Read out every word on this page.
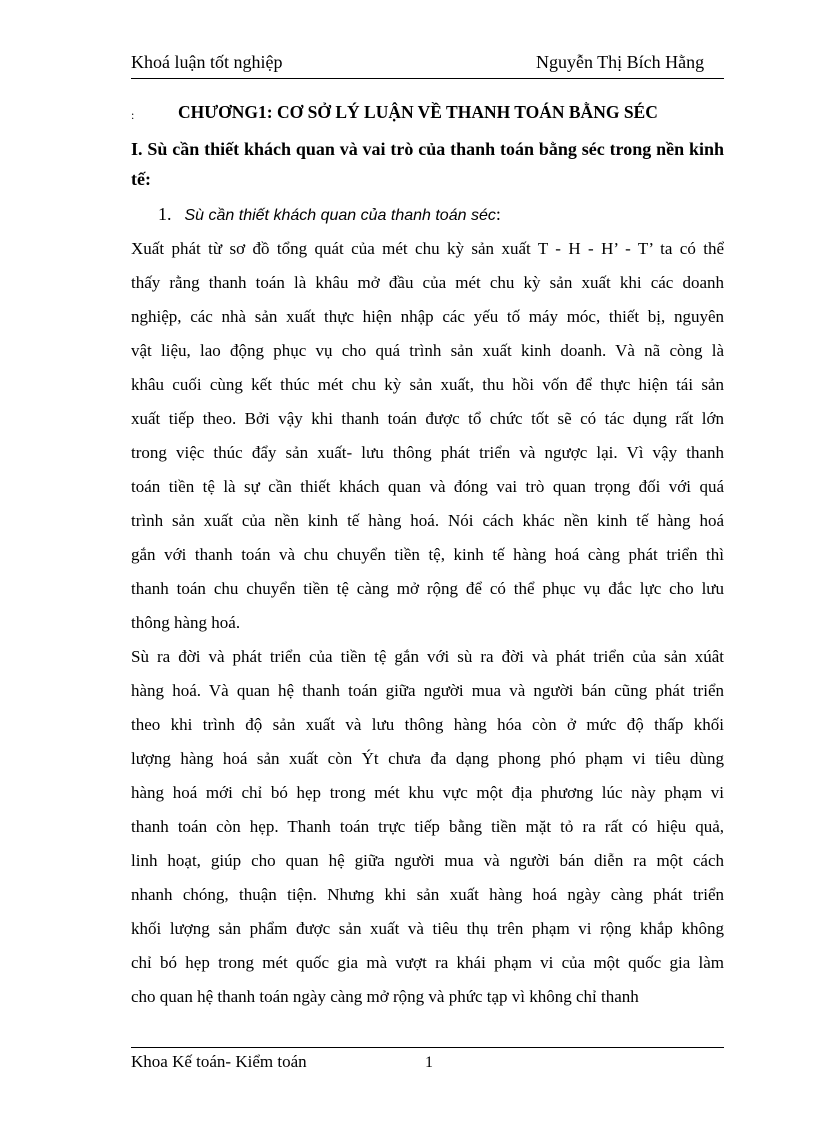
Khoá luận tốt nghiệp	Nguyễn Thị Bích Hằng
: CHƯƠNG1: CƠ SỞ LÝ LUẬN VỀ THANH TOÁN BẰNG SÉC
I. Sù cần thiết khách quan và vai trò của thanh toán bằng séc trong nền kinh tế:
1. Sù cần thiết khách quan của thanh toán séc:
Xuất phát từ sơ đồ tổng quát của mét chu kỳ sản xuất T - H - H’ - T’ ta có thể
thấy rằng thanh toán là khâu mở đầu của mét chu kỳ sản xuất khi các doanh
nghiệp, các nhà sản xuất thực hiện nhập các yếu tố máy móc, thiết bị, nguyên
vật liệu, lao động phục vụ cho quá trình sản xuất kinh doanh. Và nã còng là
khâu cuối cùng kết thúc mét chu kỳ sản xuất, thu hồi vốn để thực hiện tái sản
xuất tiếp theo. Bởi vậy khi thanh toán được tổ chức tốt sẽ có tác dụng rất lớn
trong việc thúc đẩy sản xuất- lưu thông phát triển và ngược lại. Vì vậy thanh
toán tiền tệ là sự cần thiết khách quan và đóng vai trò quan trọng đối với quá
trình sản xuất của nền kinh tế hàng hoá. Nói cách khác nền kinh tế hàng hoá
gắn với thanh toán và chu chuyển tiền tệ, kinh tế hàng hoá càng phát triển thì
thanh toán chu chuyển tiền tệ càng mở rộng để có thể phục vụ đắc lực cho lưu
thông hàng hoá.
Sù ra đời và phát triển của tiền tệ gắn với sù ra đời và phát triển của sản xúât
hàng hoá. Và quan hệ thanh toán giữa người mua và người bán cũng phát triển
theo khi trình độ sản xuất và lưu thông hàng hóa còn ở mức độ thấp khối
lượng hàng hoá sản xuất còn Ýt chưa đa dạng phong phó phạm vi tiêu dùng
hàng hoá mới chỉ bó hẹp trong mét khu vực một địa phương lúc này phạm vi
thanh toán còn hẹp. Thanh toán trực tiếp bằng tiền mặt tỏ ra rất có hiệu quả,
linh hoạt, giúp cho quan hệ giữa người mua và người bán diễn ra một cách
nhanh chóng, thuận tiện. Nhưng khi sản xuất hàng hoá ngày càng phát triển
khối lượng sản phẩm được sản xuất và tiêu thụ trên phạm vi rộng khắp không
chỉ bó hẹp trong mét quốc gia mà vượt ra khái phạm vi của một quốc gia làm
cho quan hệ thanh toán ngày càng mở rộng và phức tạp vì không chỉ thanh
Khoa Kế toán- Kiểm toán	1
